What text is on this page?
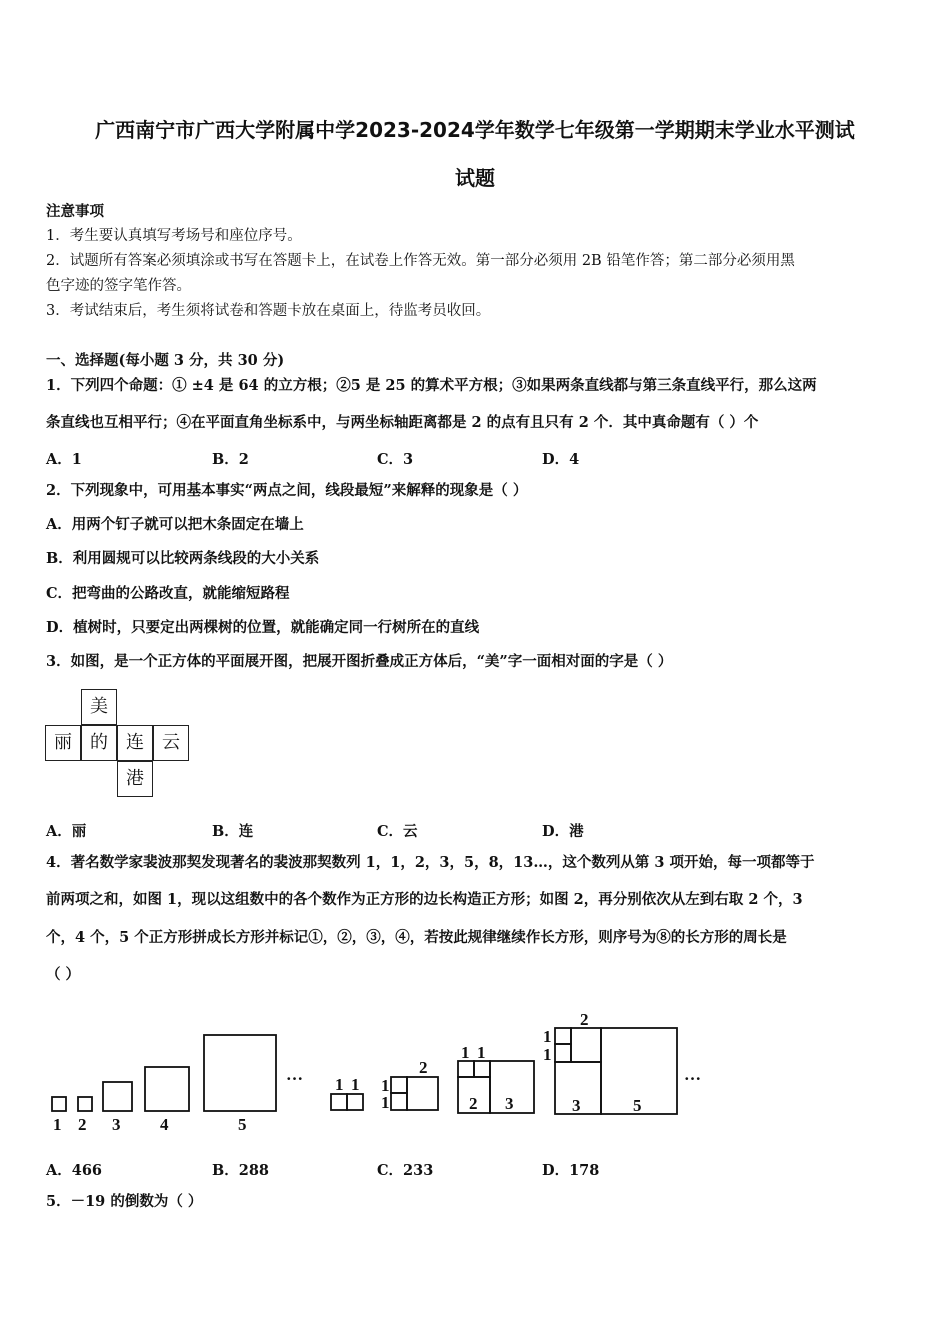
广西南宁市广西大学附属中学2023-2024学年数学七年级第一学期期末学业水平测试
试题
注意事项
1．考生要认真填写考场号和座位序号。
2．试题所有答案必须填涂或书写在答题卡上，在试卷上作答无效。第一部分必须用 2B 铅笔作答；第二部分必须用黑
色字迹的签字笔作答。
3．考试结束后，考生须将试卷和答题卡放在桌面上，待监考员收回。
一、选择题(每小题 3 分，共 30 分)
1．下列四个命题：① ±4 是 64 的立方根；②5 是 25 的算术平方根；③如果两条直线都与第三条直线平行，那么这两
条直线也互相平行；④在平面直角坐标系中，与两坐标轴距离都是 2 的点有且只有 2 个．其中真命题有（ ）个
A．1	B．2	C．3	D．4
2．下列现象中，可用基本事实“两点之间，线段最短”来解释的现象是（ ）
A．用两个钉子就可以把木条固定在墙上
B．利用圆规可以比较两条线段的大小关系
C．把弯曲的公路改直，就能缩短路程
D．植树时，只要定出两棵树的位置，就能确定同一行树所在的直线
3．如图，是一个正方体的平面展开图，把展开图折叠成正方体后，“美”字一面相对面的字是（ ）
美
丽	的	连	云
港
A．丽	B．连	C．云	D．港
4．著名数学家裴波那契发现著名的裴波那契数列 1，1，2，3，5，8，13…，这个数列从第 3 项开始，每一项都等于
前两项之和，如图 1，现以这组数中的各个数作为正方形的边长构造正方形；如图 2，再分别依次从左到右取 2 个，3
个，4 个，5 个正方形拼成长方形并标记①，②，③，④，若按此规律继续作长方形，则序号为⑧的长方形的周长是
（ ）
1 2 3 4	5
…
1 1 1
1
2
1 1
2 3
1
1
2
3	5
…
A．466	B．288	C．233	D．178
5．－19 的倒数为（ ）
